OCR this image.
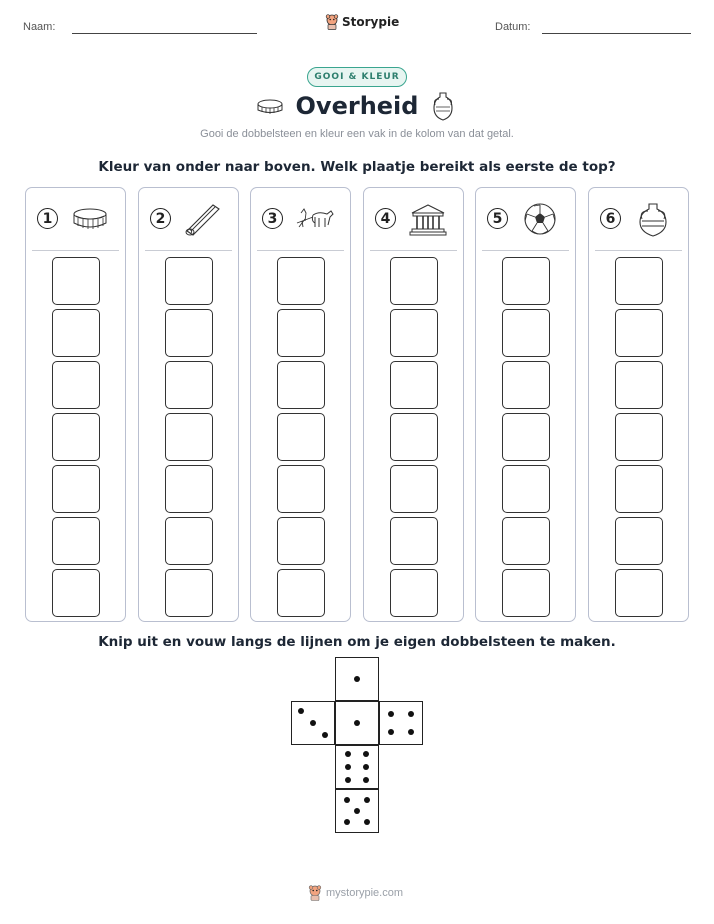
Naam:	Storypie	Datum:
GOOI & KLEUR
Overheid
Gooi de dobbelsteen en kleur een vak in de kolom van dat getal.
Kleur van onder naar boven. Welk plaatje bereikt als eerste de top?
1	2	3	4	5	6
Knip uit en vouw langs de lijnen om je eigen dobbelsteen te maken.
mystorypie.com
